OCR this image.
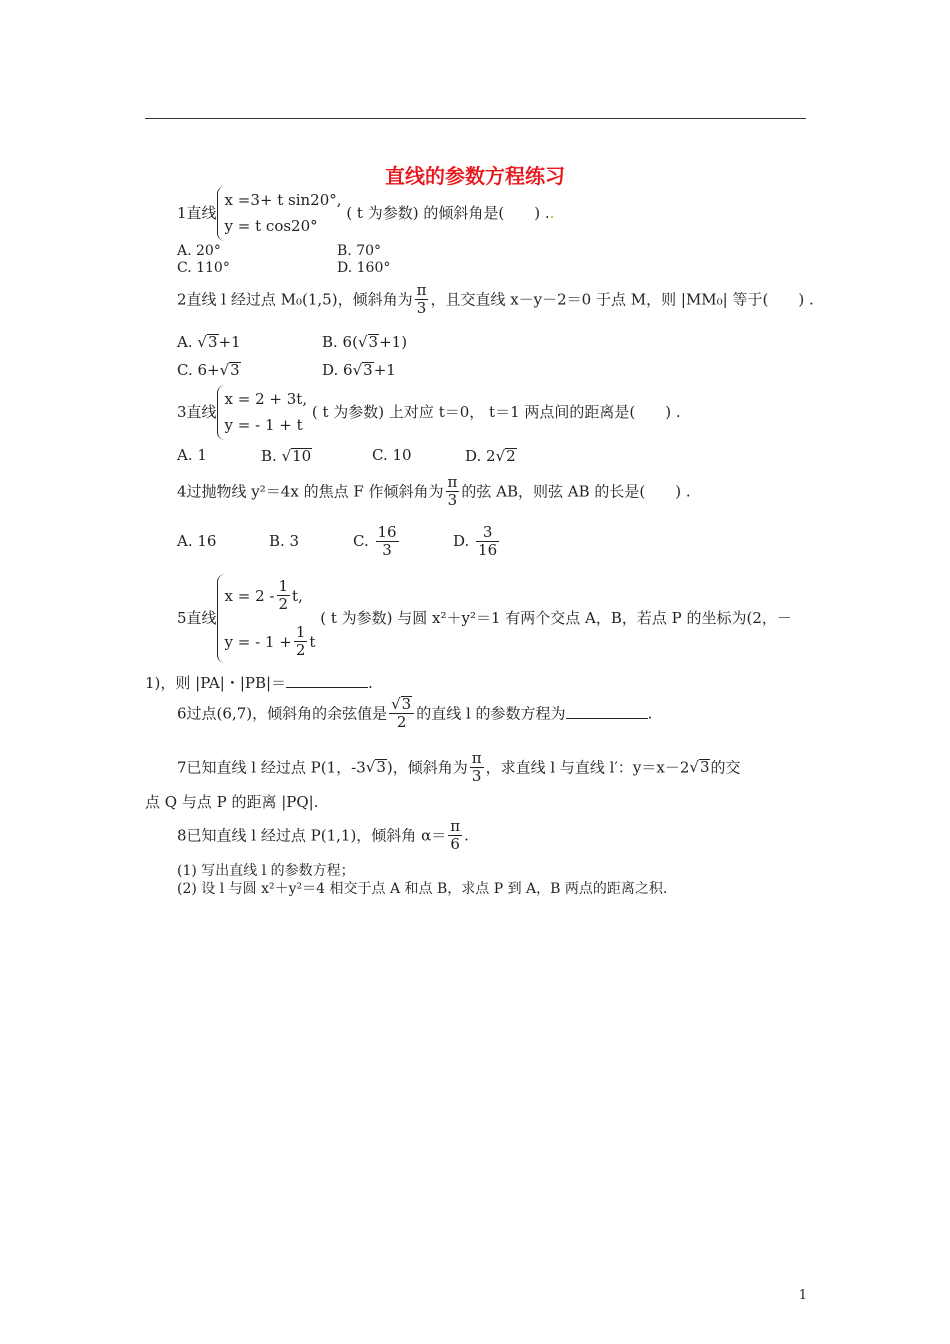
直线的参数方程练习
1直线
x =3+ t sin20°,
y = t cos20°
( t 为参数) 的倾斜角是(　　) ..
A. 20°	B. 70°
C. 110°	D. 160°
2直线 l 经过点 M₀(1,5)，倾斜角为 $\frac{\pi}{3}$ ，且交直线 x－y－2＝0 于点 M，则 |MM₀| 等于(　　) .
A. √3+1	B. 6(√3+1)
C. 6+√3	D. 6√3+1
3直线
x = 2 + 3t,
y = - 1 + t
( t 为参数) 上对应 t＝0， t＝1 两点间的距离是(　　) .
A. 1	B. √10	C. 10	D. 2√2
4过抛物线 y²＝4x 的焦点 F 作倾斜角为 $\frac{\pi}{3}$ 的弦 AB，则弦 AB 的长是(　　) .
A. 16	B. 3	C. $\frac{16}{3}$	D. $\frac{3}{16}$
5直线
$x = 2 - \frac{1}{2} t$,
y = - $1 + \frac{1}{2}$ t
( t 为参数) 与圆 x²＋y²＝1 有两个交点 A，B，若点 P 的坐标为(2，－
1)，则 |PA|・|PB|＝	.
6过点(6,7)，倾斜角的余弦值是 $\frac{√3}{2}$ 的直线 l 的参数方程为	.
7已知直线 l 经过点 P(1，-3√3)，倾斜角为 $\frac{\pi}{3}$ ，求直线 l 与直线 l′：y＝x－2√3的交
点 Q 与点 P 的距离 |PQ|.
8已知直线 l 经过点 P(1,1)，倾斜角 $\alpha= \frac{\pi}{6}$ .
(1) 写出直线 l 的参数方程；
(2) 设 l 与圆 x²＋y²＝4 相交于点 A 和点 B，求点 P 到 A，B 两点的距离之积.
1
